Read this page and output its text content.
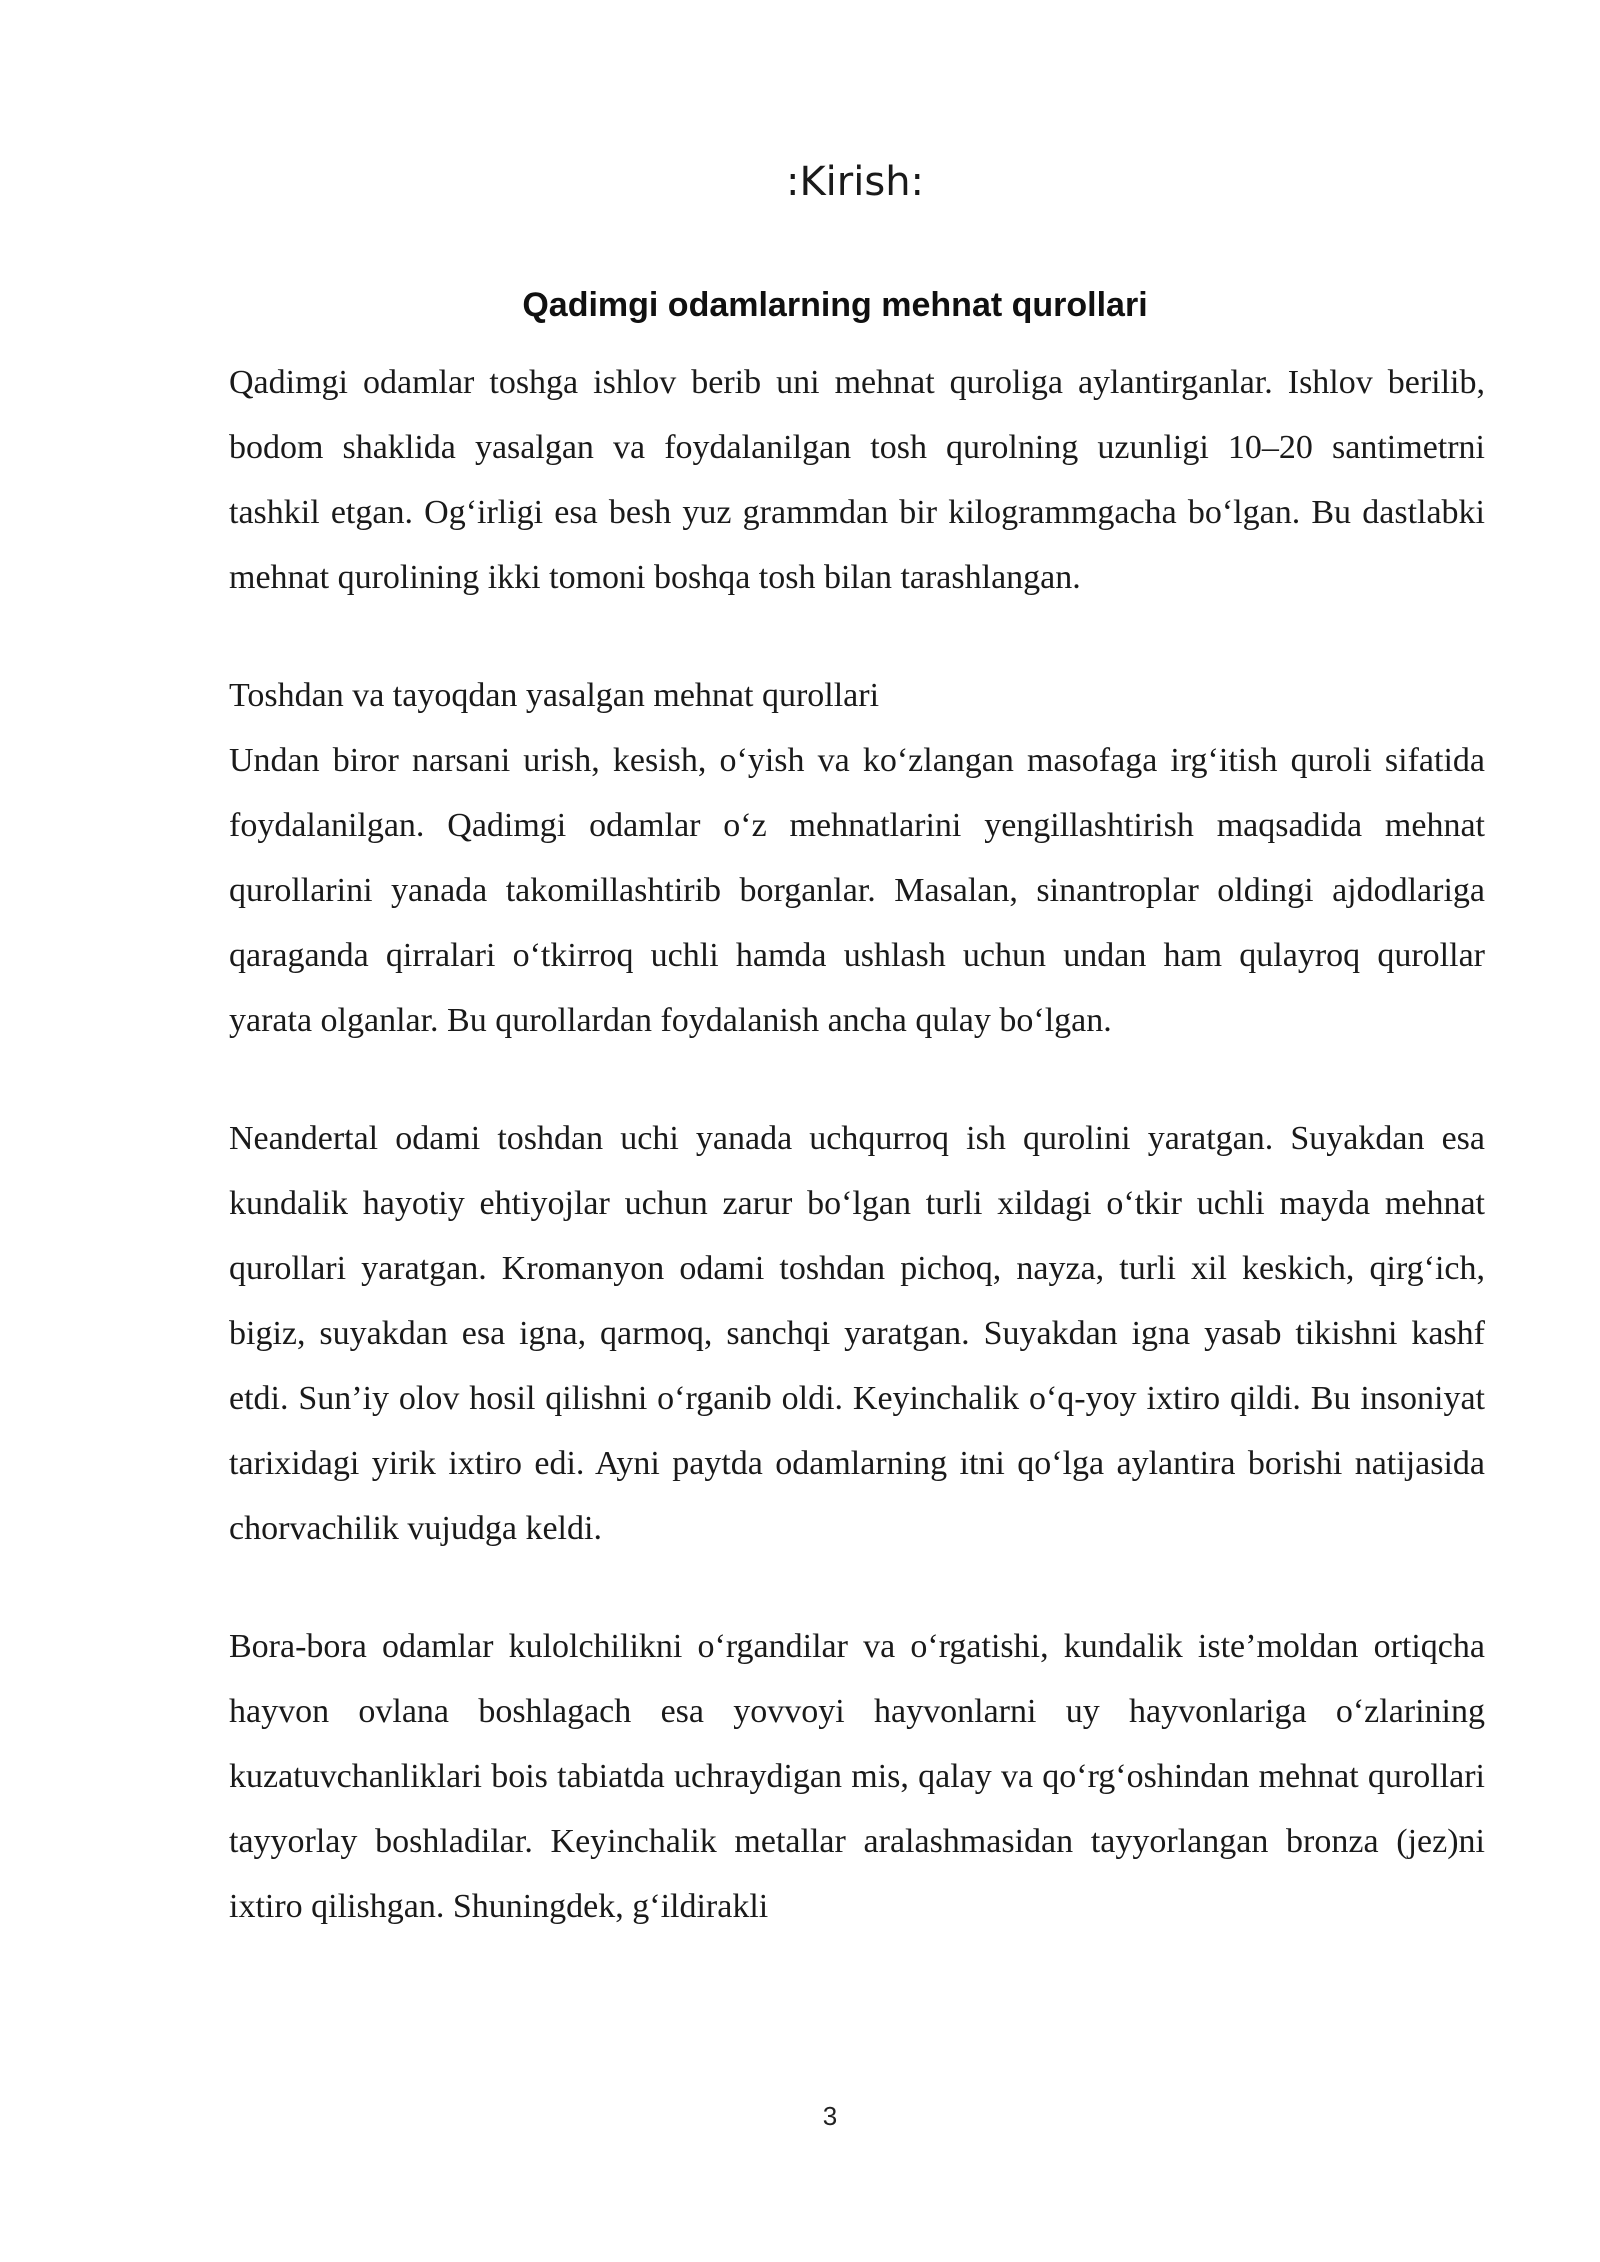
:Kirish:
Qadimgi odamlarning mehnat qurollari

Qadimgi odamlar toshga ishlov berib uni mehnat quroliga aylantirganlar. Ishlov berilib, bodom shaklida yasalgan va foydalanilgan tosh qurolning uzunligi 10–20 santimetrni tashkil etgan. Og‘irligi esa besh yuz grammdan bir kilogrammgacha bo‘lgan. Bu dastlabki mehnat qurolining ikki tomoni boshqa tosh bilan tarashlangan.

Toshdan va tayoqdan yasalgan mehnat qurollari

Undan biror narsani urish, kesish, o‘yish va ko‘zlangan masofaga irg‘itish quroli sifatida foydalanilgan. Qadimgi odamlar o‘z mehnatlarini yengillashtirish maqsadida mehnat qurollarini yanada takomillashtirib borganlar. Masalan, sinantroplar oldingi ajdodlariga qaraganda qirralari o‘tkirroq uchli hamda ushlash uchun undan ham qulayroq qurollar yarata olganlar. Bu qurollardan foydalanish ancha qulay bo‘lgan.

Neandertal odami toshdan uchi yanada uchqurroq ish qurolini yaratgan. Suyakdan esa kundalik hayotiy ehtiyojlar uchun zarur bo‘lgan turli xildagi o‘tkir uchli mayda mehnat qurollari yaratgan. Kromanyon odami toshdan pichoq, nayza, turli xil keskich, qirg‘ich, bigiz, suyakdan esa igna, qarmoq, sanchqi yaratgan. Suyakdan igna yasab tikishni kashf etdi. Sun’iy olov hosil qilishni o‘rganib oldi. Keyinchalik o‘q-yoy ixtiro qildi. Bu insoniyat tarixidagi yirik ixtiro edi. Ayni paytda odamlarning itni qo‘lga aylantira borishi natijasida chorvachilik vujudga keldi.

Bora-bora odamlar kulolchilikni o‘rgandilar va o‘rgatishi, kundalik iste’moldan ortiqcha hayvon ovlana boshlagach esa yovvoyi hayvonlarni uy hayvonlariga o‘zlarining kuzatuvchanliklari bois tabiatda uchraydigan mis, qalay va qo‘rg‘oshindan mehnat qurollari tayyorlay boshladilar. Keyinchalik metallar aralashmasidan tayyorlangan bronza (jez)ni ixtiro qilishgan. Shuningdek, g‘ildirakli

3
